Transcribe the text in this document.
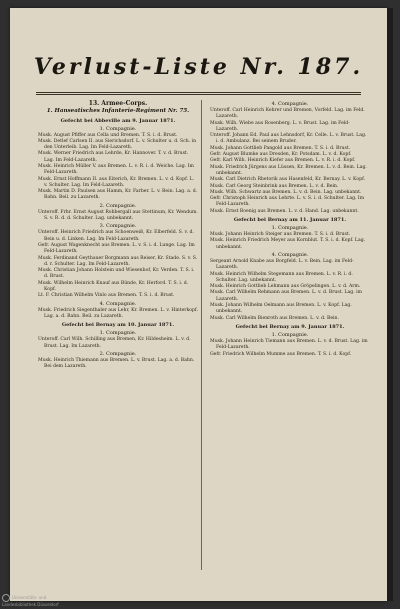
Verlust-Liste Nr. 187.
13. Armee-Corps.
1. Hanseatisches Infanterie-Regiment Nr. 75.
Gefecht bei Abbeville am 9. Januar 1871.
1. Compagnie.
Musk. August Pfiffer aus Cella und Bremen. T. S. i. d. Brust.
Musk. Detlef Carlsen II. aus Sierichsdorf. L. v. Schulter u. d. Sch. in den Unterleib. Lag. Im Feld-Lazareth.
Musk. Werner Friedrich aus Lehrde, Kr. Hannover. T. v. d. Brust. Lag. Im Feld-Lazareth.
Musk. Heinrich Müller V. aus Bremen. L. v. R. i. d. Weiche. Lag. Im Feld-Lazareth.
Musk. Ernst Hoffmann II. aus Eiterich, Kr. Bremen. L. v. d. Kopf. L. v. Schulter. Lag. Im Feld-Lazareth.
Musk. Martin D. Paulsen aus Hamm, Kr. Farber. L. v. Bein. Lag. a. d. Bahn. Beil. zu Lazareth.
2. Compagnie.
Unteroff. Frhr. Ernst August Rohbergall aus Stettinum, Kr. Wendum. S. v. R. d. d. Schulter. Lag. unbekannt.
3. Compagnie.
Unteroff. Heinrich Friedrich aus Schoenweiß, Kr. Elberfeld. S. v. d. Bein u. d. Linken. Lag. Im Feld-Lazareth.
Gefr. August Wagenknecht aus Bremen. L. v. S. i. d. Lunge. Lag. Im Feld-Lazareth.
Musk. Ferdinand Geythauer Borgmann aus Reiser, Kr. Stade. S. v. S. d. r. Schulter. Lag. Im Feld-Lazareth.
Musk. Christian Johann Holstein und Wiesenhof, Kr. Verden. T. S. i. d. Brust.
Musk. Wilhelm Heinrich Knauf aus Bünde, Kr. Herford. T. S. i. d. Kopf.
Lt. F. Christian Wilhelm Vinlo aus Bremen. T. S. i. d. Brust.
4. Compagnie.
Musk. Friedrich Siegenthaler aus Lehr, Kr. Bremen. L. v. Hinterkopf. Lag. a. d. Bahn. Beil. zu Lazareth.
Gefecht bei Bernay am 10. Januar 1871.
1. Compagnie.
Unteroff. Carl Wilh. Schilling aus Bremen, Kr. Hildesheim. L. v. d. Brust. Lag. Im Lazareth.
2. Compagnie.
Musk. Heinrich Thiemann aus Bremen. L. v. Brust. Lag. a. d. Bahn. Bei dem Lazareth.
4. Compagnie.
Unteroff. Carl Heinrich Kehrer und Bremen, Vorfeld. Lag. im Feld. Lazareth.
Musk. Wilh. Wiebe aus Rosenberg. L. v. Brust. Lag. im Feld-Lazareth.
Unteroff. Johann Ed. Paul aus Lehnsdorf, Kr. Celle. L. v. Brust. Lag. i. d. Ambulanz. Bei seinem Bruder.
Musk. Johann Gottlieb Pangold aus Bremen. T. S. i. d. Brust.
Gefr. August Blumke aus Dresden, Kr. Potsdam. L. v. d. Kopf.
Gefr. Karl Wilh. Heinrich Kiefer aus Bremen. L. v. R. i. d. Kopf.
Musk. Friedrich Jürgens aus Lüssen, Kr. Bremen. L. v. d. Bein. Lag. unbekannt.
Musk. Carl Dietrich Rhetorik aus Hasenfeld, Kr. Bernay. L. v. Kopf.
Musk. Carl Georg Steinbrink aus Bremen. L. v. d. Bein.
Musk. Wilh. Schwartz aus Bremen. L. v. d. Bein. Lag. unbekannt.
Gefr. Christoph Heinrich aus Lehrte. L. v. S. i. d. Schulter. Lag. Im Feld-Lazareth.
Musk. Ernst Boenig aus Bremen. L. v. d. Hand. Lag. unbekannt.
Gefecht bei Bernay am 11. Januar 1871.
1. Compagnie.
Musk. Johann Heinrich Steiger aus Bremen. T. S. i. d. Brust.
Musk. Heinrich Friedrich Meyer aus Kornblut. T. S. i. d. Kopf. Lag. unbekannt.
4. Compagnie.
Sergeant Arnold Knabe aus Borgfeld. L. v. Bein. Lag. im Feld-Lazareth.
Musk. Heinrich Wilhelm Stegemann aus Bremen. L. v. R. i. d. Schulter. Lag. unbekannt.
Musk. Heinrich Gottlieb Lehmann aus Gröpelingen. L. v. d. Arm.
Musk. Carl Wilhelm Rehmann aus Bremen. L. v. d. Brust. Lag. im Lazareth.
Musk. Johann Wilhelm Oelmann aus Bremen. L. v. Kopf. Lag. unbekannt.
Musk. Carl Wilhelm Bienroth aus Bremen. L. v. d. Bein.
Gefecht bei Bernay am 9. Januar 1871.
1. Compagnie.
Musk. Johann Heinrich Tiemann aus Bremen. L. v. d. Brust. Lag. im Feld-Lazareth.
Gefr. Friedrich Wilhelm Mumme aus Bremen. T. S. i. d. Kopf.
Universitäts- und
Landesbibliothek Düsseldorf
